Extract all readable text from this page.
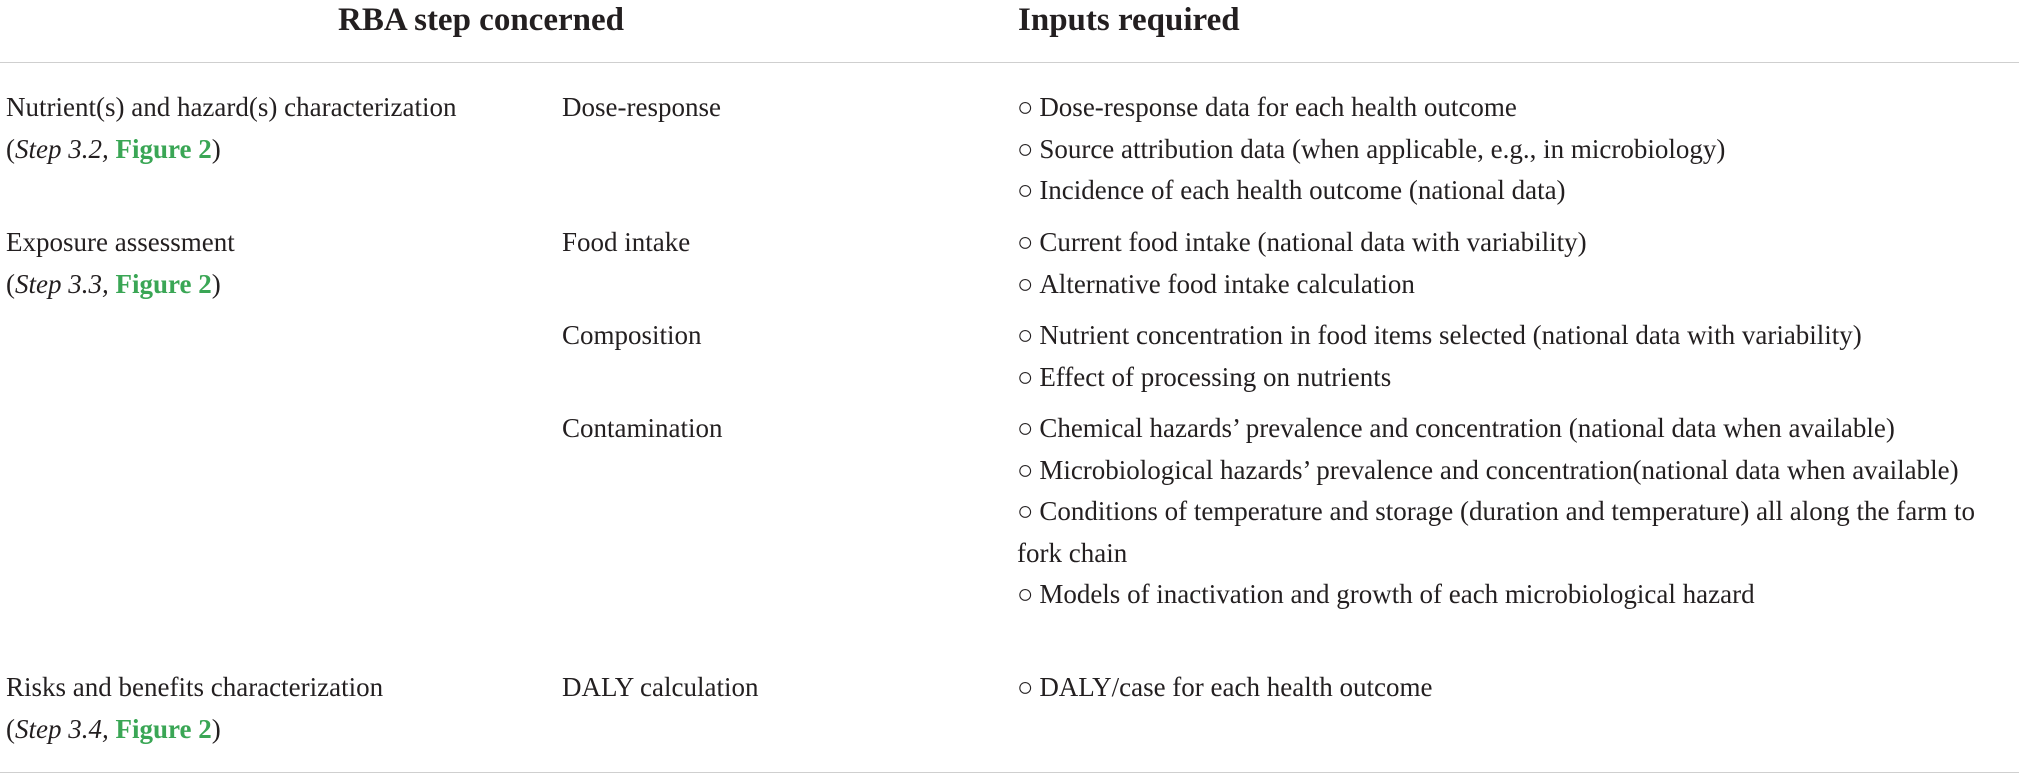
RBA step concerned	Inputs required
Nutrient(s) and hazard(s) characterization
(Step 3.2, Figure 2)
Dose-response	○ Dose-response data for each health outcome
○ Source attribution data (when applicable, e.g., in microbiology)
○ Incidence of each health outcome (national data)
Exposure assessment
(Step 3.3, Figure 2)
Food intake	○ Current food intake (national data with variability)
○ Alternative food intake calculation
Composition	○ Nutrient concentration in food items selected (national data with variability)
○ Effect of processing on nutrients
Contamination	○ Chemical hazards’ prevalence and concentration (national data when available)
○ Microbiological hazards’ prevalence and concentration(national data when available)
○ Conditions of temperature and storage (duration and temperature) all along the farm to fork chain
○ Models of inactivation and growth of each microbiological hazard
Risks and benefits characterization
(Step 3.4, Figure 2)
DALY calculation	○ DALY/case for each health outcome
